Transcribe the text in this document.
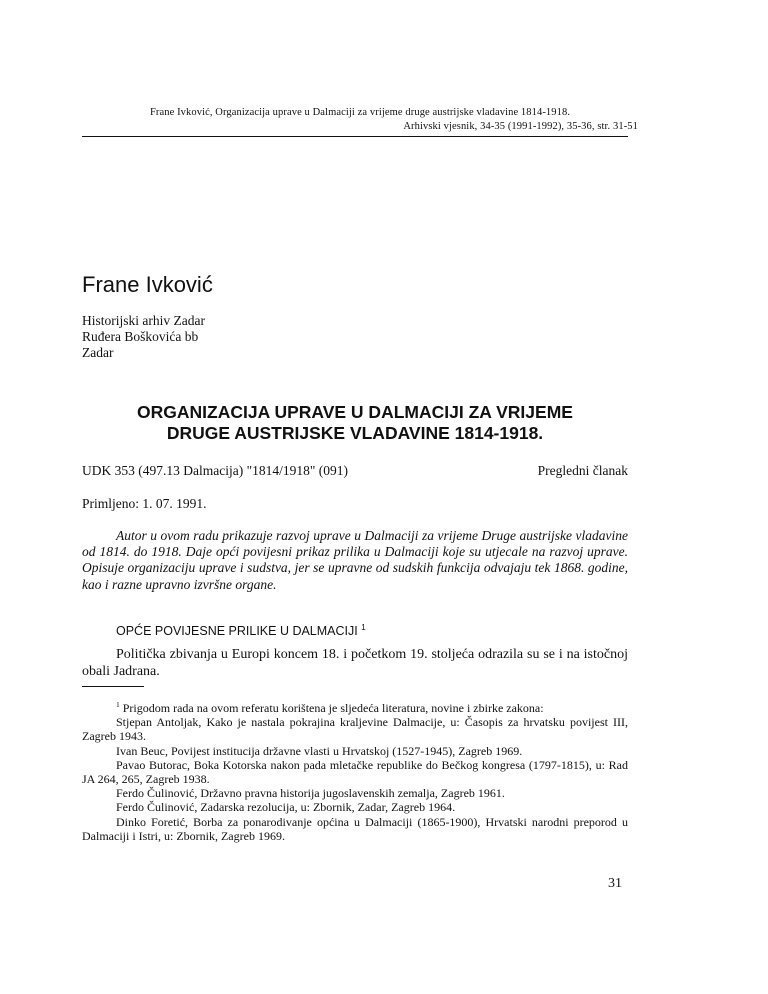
Frane Ivković, Organizacija uprave u Dalmaciji za vrijeme druge austrijske vladavine 1814-1918.
Arhivski vjesnik, 34-35 (1991-1992), 35-36, str. 31-51
Frane Ivković
Historijski arhiv Zadar
Ruđera Boškovića bb
Zadar
ORGANIZACIJA UPRAVE U DALMACIJI ZA VRIJEME
DRUGE AUSTRIJSKE VLADAVINE 1814-1918.
UDK 353 (497.13 Dalmacija) "1814/1918" (091)	Pregledni članak
Primljeno: 1. 07. 1991.
Autor u ovom radu prikazuje razvoj uprave u Dalmaciji za vrijeme Druge austrijske vladavine od 1814. do 1918. Daje opći povijesni prikaz prilika u Dalmaciji koje su utjecale na razvoj uprave. Opisuje organizaciju uprave i sudstva, jer se upravne od sudskih funkcija odvajaju tek 1868. godine, kao i razne upravno izvršne organe.
OPĆE POVIJESNE PRILIKE U DALMACIJI $^1$
Politička zbivanja u Europi koncem 18. i početkom 19. stoljeća odrazila su se i na istočnoj obali Jadrana.

$^1$ Prigodom rada na ovom referatu korištena je sljedeća literatura, novine i zbirke zakona:

Stjepan Antoljak, Kako je nastala pokrajina kraljevine Dalmacije, u: Časopis za hrvatsku povijest III, Zagreb 1943.

Ivan Beuc, Povijest institucija državne vlasti u Hrvatskoj (1527-1945), Zagreb 1969.

Pavao Butorac, Boka Kotorska nakon pada mletačke republike do Bečkog kongresa (1797-1815), u: Rad JA 264, 265, Zagreb 1938.

Ferdo Čulinović, Državno pravna historija jugoslavenskih zemalja, Zagreb 1961.

Ferdo Čulinović, Zadarska rezolucija, u: Zbornik, Zadar, Zagreb 1964.

Dinko Foretić, Borba za ponarodivanje općina u Dalmaciji (1865-1900), Hrvatski narodni preporod u Dalmaciji i Istri, u: Zbornik, Zagreb 1969.

31
